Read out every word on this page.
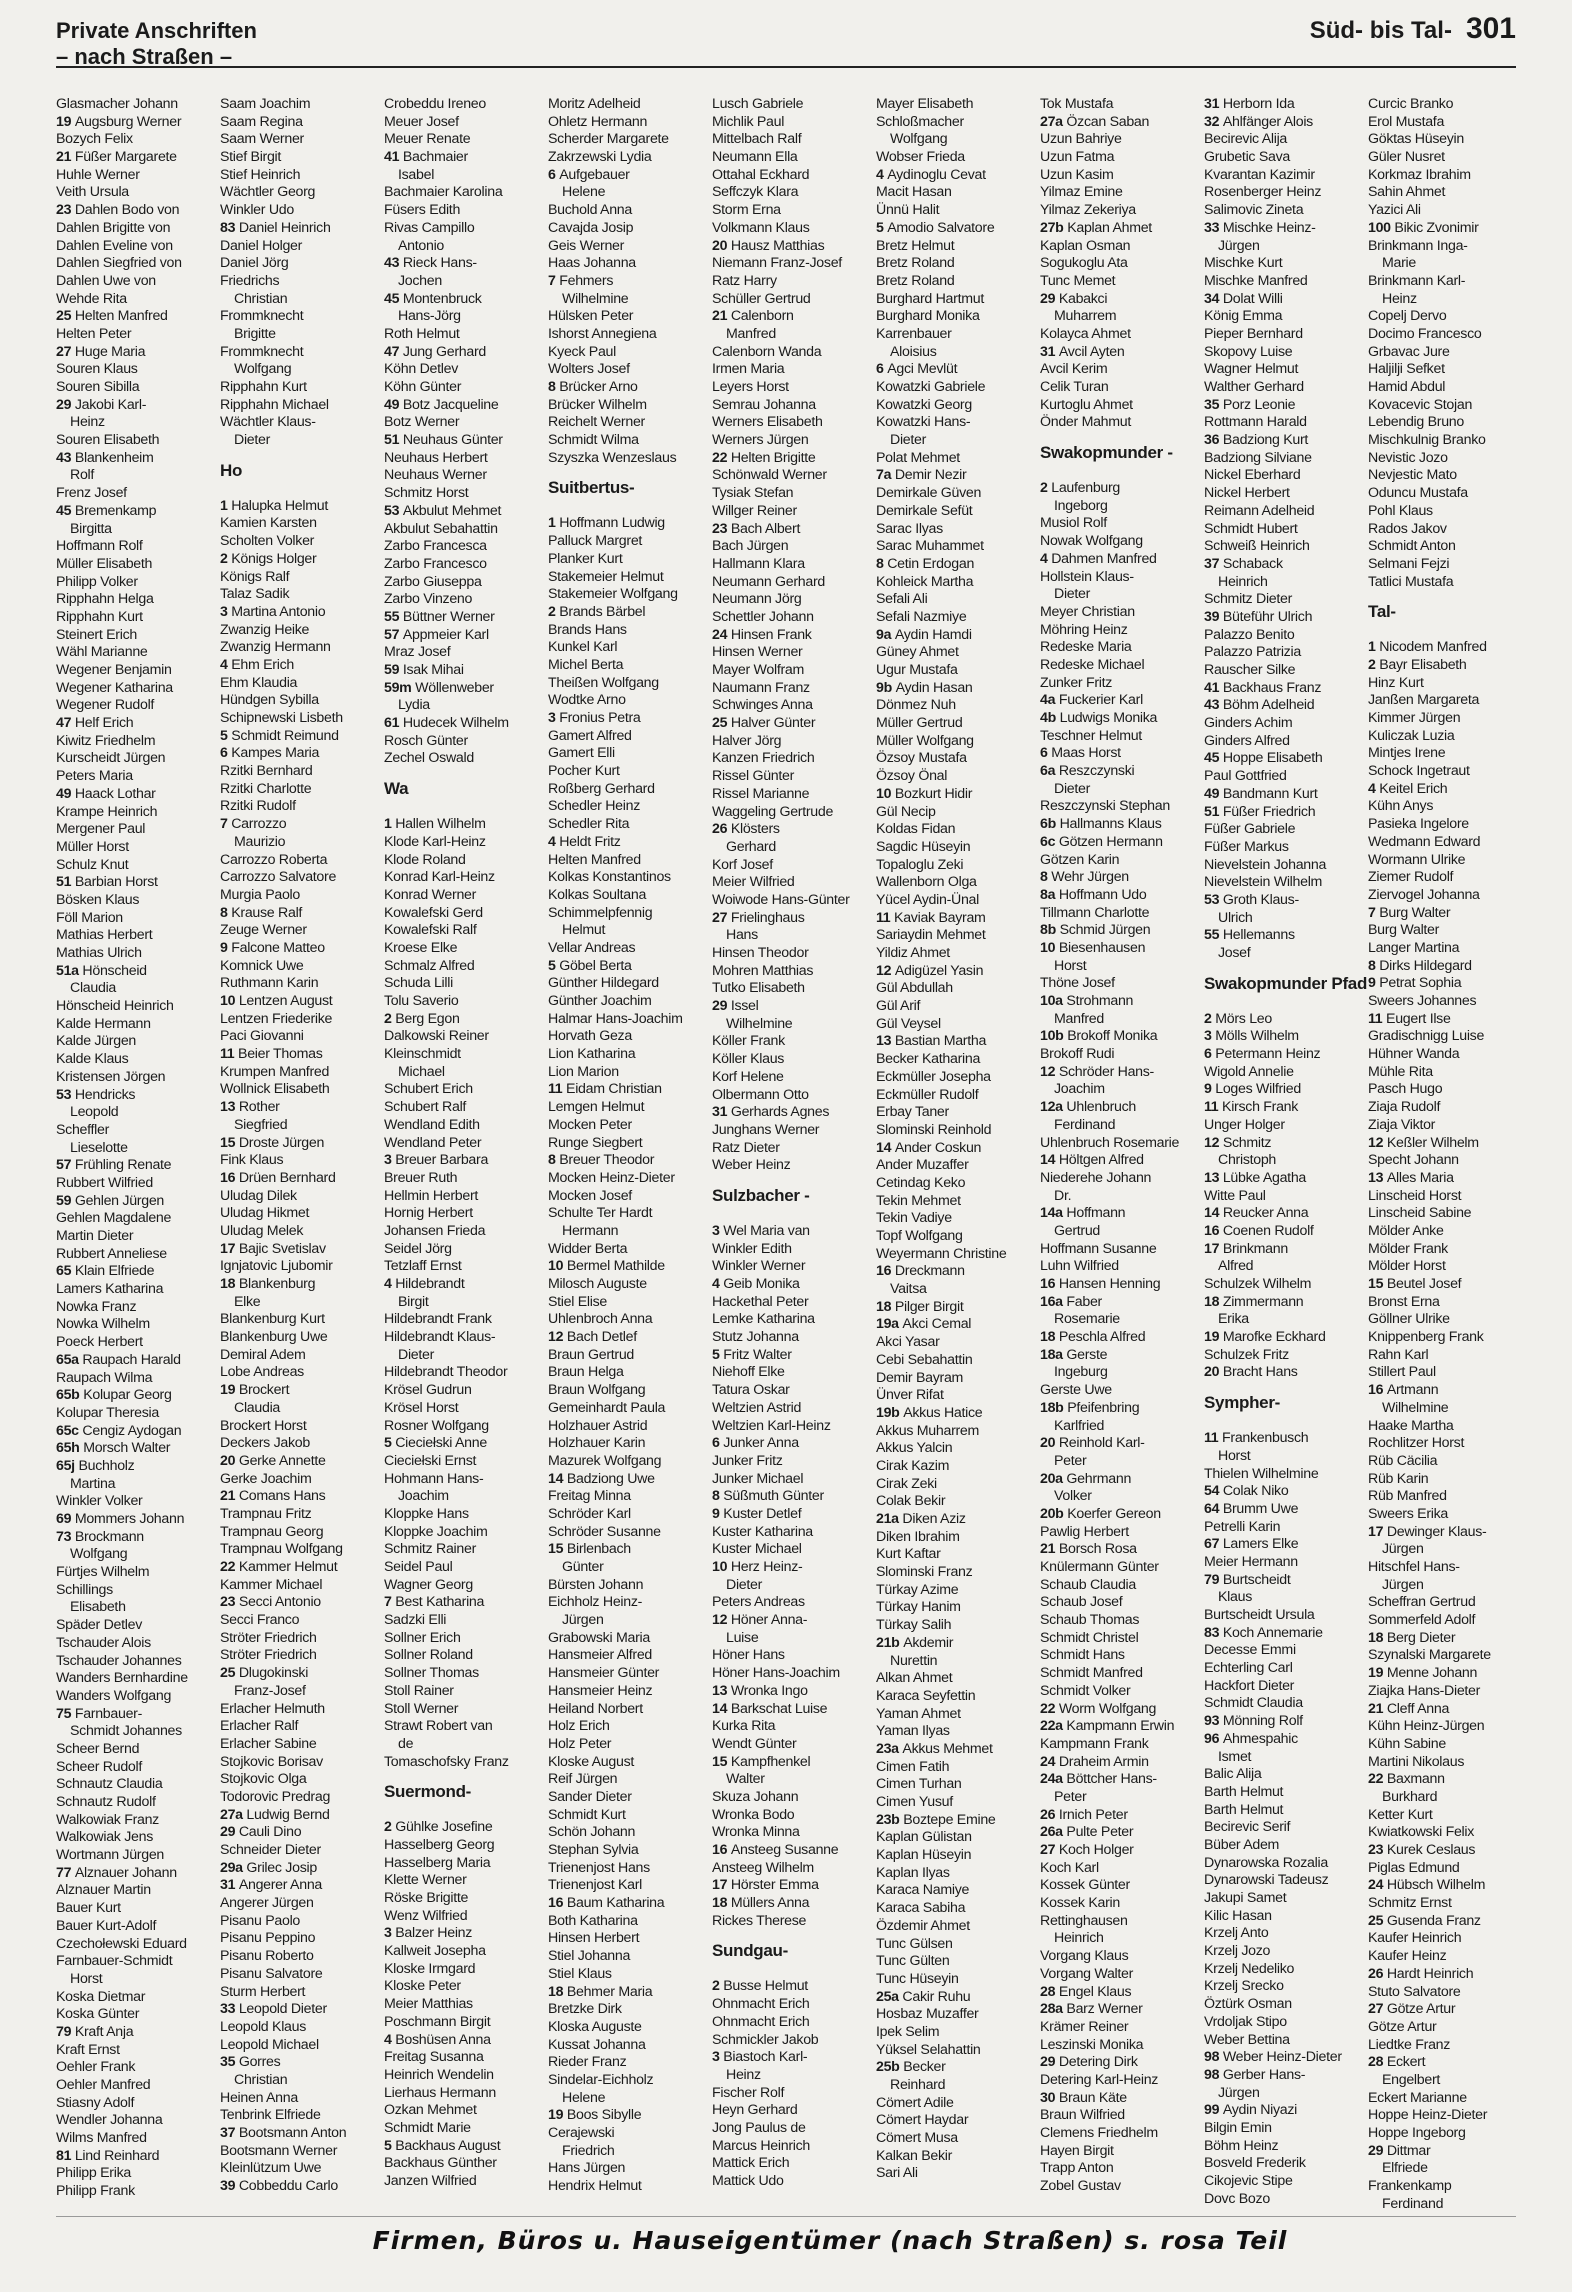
Private Anschriften
– nach Straßen –
Süd- bis Tal- 301
Glasmacher Johann
19 Augsburg Werner
Bozych Felix
21 Füßer Margarete
Huhle Werner
Veith Ursula
23 Dahlen Bodo von
Dahlen Brigitte von
Dahlen Eveline von
Dahlen Siegfried von
Dahlen Uwe von
Wehde Rita
25 Helten Manfred
Helten Peter
27 Huge Maria
Souren Klaus
Souren Sibilla
29 Jakobi Karl-
Heinz
Souren Elisabeth
43 Blankenheim
Rolf
Frenz Josef
45 Bremenkamp
Birgitta
Hoffmann Rolf
Müller Elisabeth
Philipp Volker
Ripphahn Helga
Ripphahn Kurt
Steinert Erich
Wähl Marianne
Wegener Benjamin
Wegener Katharina
Wegener Rudolf
47 Helf Erich
Kiwitz Friedhelm
Kurscheidt Jürgen
Peters Maria
49 Haack Lothar
Krampe Heinrich
Mergener Paul
Müller Horst
Schulz Knut
51 Barbian Horst
Bösken Klaus
Föll Marion
Mathias Herbert
Mathias Ulrich
51a Hönscheid
Claudia
Hönscheid Heinrich
Kalde Hermann
Kalde Jürgen
Kalde Klaus
Kristensen Jörgen
53 Hendricks
Leopold
Scheffler
Lieselotte
57 Frühling Renate
Rubbert Wilfried
59 Gehlen Jürgen
Gehlen Magdalene
Martin Dieter
Rubbert Anneliese
65 Klain Elfriede
Lamers Katharina
Nowka Franz
Nowka Wilhelm
Poeck Herbert
65a Raupach Harald
Raupach Wilma
65b Kolupar Georg
Kolupar Theresia
65c Cengiz Aydogan
65h Morsch Walter
65j Buchholz
Martina
Winkler Volker
69 Mommers Johann
73 Brockmann
Wolfgang
Fürtjes Wilhelm
Schillings
Elisabeth
Späder Detlev
Tschauder Alois
Tschauder Johannes
Wanders Bernhardine
Wanders Wolfgang
75 Farnbauer-
Schmidt Johannes
Scheer Bernd
Scheer Rudolf
Schnautz Claudia
Schnautz Rudolf
Walkowiak Franz
Walkowiak Jens
Wortmann Jürgen
77 Alznauer Johann
Alznauer Martin
Bauer Kurt
Bauer Kurt-Adolf
Czechołewski Eduard
Farnbauer-Schmidt
Horst
Koska Dietmar
Koska Günter
79 Kraft Anja
Kraft Ernst
Oehler Frank
Oehler Manfred
Stiasny Adolf
Wendler Johanna
Wilms Manfred
81 Lind Reinhard
Philipp Erika
Philipp Frank
Saam Joachim
Saam Regina
Saam Werner
Stief Birgit
Stief Heinrich
Wächtler Georg
Winkler Udo
83 Daniel Heinrich
Daniel Holger
Daniel Jörg
Friedrichs
Christian
Frommknecht
Brigitte
Frommknecht
Wolfgang
Ripphahn Kurt
Ripphahn Michael
Wächtler Klaus-
Dieter
Ho
1 Halupka Helmut
Kamien Karsten
Scholten Volker
2 Königs Holger
Königs Ralf
Talaz Sadik
3 Martina Antonio
Zwanzig Heike
Zwanzig Hermann
4 Ehm Erich
Ehm Klaudia
Hündgen Sybilla
Schipnewski Lisbeth
5 Schmidt Reimund
6 Kampes Maria
Rzitki Bernhard
Rzitki Charlotte
Rzitki Rudolf
7 Carrozzo
Maurizio
Carrozzo Roberta
Carrozzo Salvatore
Murgia Paolo
8 Krause Ralf
Zeuge Werner
9 Falcone Matteo
Komnick Uwe
Ruthmann Karin
10 Lentzen August
Lentzen Friederike
Paci Giovanni
11 Beier Thomas
Krumpen Manfred
Wollnick Elisabeth
13 Rother
Siegfried
15 Droste Jürgen
Fink Klaus
16 Drüen Bernhard
Uludag Dilek
Uludag Hikmet
Uludag Melek
17 Bajic Svetislav
Ignjatovic Ljubomir
18 Blankenburg
Elke
Blankenburg Kurt
Blankenburg Uwe
Demiral Adem
Lobe Andreas
19 Brockert
Claudia
Brockert Horst
Deckers Jakob
20 Gerke Annette
Gerke Joachim
21 Comans Hans
Trampnau Fritz
Trampnau Georg
Trampnau Wolfgang
22 Kammer Helmut
Kammer Michael
23 Secci Antonio
Secci Franco
Ströter Friedrich
Ströter Friedrich
25 Dlugokinski
Franz-Josef
Erlacher Helmuth
Erlacher Ralf
Erlacher Sabine
Stojkovic Borisav
Stojkovic Olga
Todorovic Predrag
27a Ludwig Bernd
29 Cauli Dino
Schneider Dieter
29a Grilec Josip
31 Angerer Anna
Angerer Jürgen
Pisanu Paolo
Pisanu Peppino
Pisanu Roberto
Pisanu Salvatore
Sturm Herbert
33 Leopold Dieter
Leopold Klaus
Leopold Michael
35 Gorres
Christian
Heinen Anna
Tenbrink Elfriede
37 Bootsmann Anton
Bootsmann Werner
Kleinlützum Uwe
39 Cobbeddu Carlo
Crobeddu Ireneo
Meuer Josef
Meuer Renate
41 Bachmaier
Isabel
Bachmaier Karolina
Füsers Edith
Rivas Campillo
Antonio
43 Rieck Hans-
Jochen
45 Montenbruck
Hans-Jörg
Roth Helmut
47 Jung Gerhard
Köhn Detlev
Köhn Günter
49 Botz Jacqueline
Botz Werner
51 Neuhaus Günter
Neuhaus Herbert
Neuhaus Werner
Schmitz Horst
53 Akbulut Mehmet
Akbulut Sebahattin
Zarbo Francesca
Zarbo Francesco
Zarbo Giuseppa
Zarbo Vinzeno
55 Büttner Werner
57 Appmeier Karl
Mraz Josef
59 Isak Mihai
59m Wöllenweber
Lydia
61 Hudecek Wilhelm
Rosch Günter
Zechel Oswald
Wa
1 Hallen Wilhelm
Klode Karl-Heinz
Klode Roland
Konrad Karl-Heinz
Konrad Werner
Kowalefski Gerd
Kowalefski Ralf
Kroese Elke
Schmalz Alfred
Schuda Lilli
Tolu Saverio
2 Berg Egon
Dalkowski Reiner
Kleinschmidt
Michael
Schubert Erich
Schubert Ralf
Wendland Edith
Wendland Peter
3 Breuer Barbara
Breuer Ruth
Hellmin Herbert
Hornig Herbert
Johansen Frieda
Seidel Jörg
Tetzlaff Ernst
4 Hildebrandt
Birgit
Hildebrandt Frank
Hildebrandt Klaus-
Dieter
Hildebrandt Theodor
Krösel Gudrun
Krösel Horst
Rosner Wolfgang
5 Cieciełski Anne
Cieciełski Ernst
Hohmann Hans-
Joachim
Kloppke Hans
Kloppke Joachim
Schmitz Rainer
Seidel Paul
Wagner Georg
7 Best Katharina
Sadzki Elli
Sollner Erich
Sollner Roland
Sollner Thomas
Stoll Rainer
Stoll Werner
Strawt Robert van
de
Tomaschofsky Franz
Suermond-
2 Gühlke Josefine
Hasselberg Georg
Hasselberg Maria
Klette Werner
Röske Brigitte
Wenz Wilfried
3 Balzer Heinz
Kallweit Josepha
Kloske Irmgard
Kloske Peter
Meier Matthias
Poschmann Birgit
4 Boshüsen Anna
Freitag Susanna
Heinrich Wendelin
Lierhaus Hermann
Ozkan Mehmet
Schmidt Marie
5 Backhaus August
Backhaus Günther
Janzen Wilfried
Moritz Adelheid
Ohletz Hermann
Scherder Margarete
Zakrzewski Lydia
6 Aufgebauer
Helene
Buchold Anna
Cavajda Josip
Geis Werner
Haas Johanna
7 Fehmers
Wilhelmine
Hülsken Peter
Ishorst Annegiena
Kyeck Paul
Wolters Josef
8 Brücker Arno
Brücker Wilhelm
Reichelt Werner
Schmidt Wilma
Szyszka Wenzeslaus
Suitbertus-
1 Hoffmann Ludwig
Palluck Margret
Planker Kurt
Stakemeier Helmut
Stakemeier Wolfgang
2 Brands Bärbel
Brands Hans
Kunkel Karl
Michel Berta
Theißen Wolfgang
Wodtke Arno
3 Fronius Petra
Gamert Alfred
Gamert Elli
Pocher Kurt
Roßberg Gerhard
Schedler Heinz
Schedler Rita
4 Heldt Fritz
Helten Manfred
Kolkas Konstantinos
Kolkas Soultana
Schimmelpfennig
Helmut
Vellar Andreas
5 Göbel Berta
Günther Hildegard
Günther Joachim
Halmar Hans-Joachim
Horvath Geza
Lion Katharina
Lion Marion
11 Eidam Christian
Lemgen Helmut
Mocken Peter
Runge Siegbert
8 Breuer Theodor
Mocken Heinz-Dieter
Mocken Josef
Schulte Ter Hardt
Hermann
Widder Berta
10 Bermel Mathilde
Milosch Auguste
Stiel Elise
Uhlenbroch Anna
12 Bach Detlef
Braun Gertrud
Braun Helga
Braun Wolfgang
Gemeinhardt Paula
Holzhauer Astrid
Holzhauer Karin
Mazurek Wolfgang
14 Badziong Uwe
Freitag Minna
Schröder Karl
Schröder Susanne
15 Birlenbach
Günter
Bürsten Johann
Eichholz Heinz-
Jürgen
Grabowski Maria
Hansmeier Alfred
Hansmeier Günter
Hansmeier Heinz
Heiland Norbert
Holz Erich
Holz Peter
Kloske August
Reif Jürgen
Sander Dieter
Schmidt Kurt
Schön Johann
Stephan Sylvia
Trienenjost Hans
Trienenjost Karl
16 Baum Katharina
Both Katharina
Hinsen Herbert
Stiel Johanna
Stiel Klaus
18 Behmer Maria
Bretzke Dirk
Kloska Auguste
Kussat Johanna
Rieder Franz
Sindelar-Eichholz
Helene
19 Boos Sibylle
Cerajewski
Friedrich
Hans Jürgen
Hendrix Helmut
Lusch Gabriele
Michlik Paul
Mittelbach Ralf
Neumann Ella
Ottahal Eckhard
Seffczyk Klara
Storm Erna
Volkmann Klaus
20 Hausz Matthias
Niemann Franz-Josef
Ratz Harry
Schüller Gertrud
21 Calenborn
Manfred
Calenborn Wanda
Irmen Maria
Leyers Horst
Semrau Johanna
Werners Elisabeth
Werners Jürgen
22 Helten Brigitte
Schönwald Werner
Tysiak Stefan
Willger Reiner
23 Bach Albert
Bach Jürgen
Hallmann Klara
Neumann Gerhard
Neumann Jörg
Schettler Johann
24 Hinsen Frank
Hinsen Werner
Mayer Wolfram
Naumann Franz
Schwinges Anna
25 Halver Günter
Halver Jörg
Kanzen Friedrich
Rissel Günter
Rissel Marianne
Waggeling Gertrude
26 Klösters
Gerhard
Korf Josef
Meier Wilfried
Woiwode Hans-Günter
27 Frielinghaus
Hans
Hinsen Theodor
Mohren Matthias
Tutko Elisabeth
29 Issel
Wilhelmine
Köller Frank
Köller Klaus
Korf Helene
Olbermann Otto
31 Gerhards Agnes
Junghans Werner
Ratz Dieter
Weber Heinz
Sulzbacher -
3 Wel Maria van
Winkler Edith
Winkler Werner
4 Geib Monika
Hackethal Peter
Lemke Katharina
Stutz Johanna
5 Fritz Walter
Niehoff Elke
Tatura Oskar
Weltzien Astrid
Weltzien Karl-Heinz
6 Junker Anna
Junker Fritz
Junker Michael
8 Süßmuth Günter
9 Kuster Detlef
Kuster Katharina
Kuster Michael
10 Herz Heinz-
Dieter
Peters Andreas
12 Höner Anna-
Luise
Höner Hans
Höner Hans-Joachim
13 Wronka Ingo
14 Barkschat Luise
Kurka Rita
Wendt Günter
15 Kampfhenkel
Walter
Skuza Johann
Wronka Bodo
Wronka Minna
16 Ansteeg Susanne
Ansteeg Wilhelm
17 Hörster Emma
18 Müllers Anna
Rickes Therese
Sundgau-
2 Busse Helmut
Ohnmacht Erich
Ohnmacht Erich
Schmickler Jakob
3 Biastoch Karl-
Heinz
Fischer Rolf
Heyn Gerhard
Jong Paulus de
Marcus Heinrich
Mattick Erich
Mattick Udo
Mayer Elisabeth
Schloßmacher
Wolfgang
Wobser Frieda
4 Aydinoglu Cevat
Macit Hasan
Ünnü Halit
5 Amodio Salvatore
Bretz Helmut
Bretz Roland
Bretz Roland
Burghard Hartmut
Burghard Monika
Karrenbauer
Aloisius
6 Agci Mevlüt
Kowatzki Gabriele
Kowatzki Georg
Kowatzki Hans-
Dieter
Polat Mehmet
7a Demir Nezir
Demirkale Güven
Demirkale Sefüt
Sarac Ilyas
Sarac Muhammet
8 Cetin Erdogan
Kohleick Martha
Sefali Ali
Sefali Nazmiye
9a Aydin Hamdi
Güney Ahmet
Ugur Mustafa
9b Aydin Hasan
Dönmez Nuh
Müller Gertrud
Müller Wolfgang
Özsoy Mustafa
Özsoy Önal
10 Bozkurt Hidir
Gül Necip
Koldas Fidan
Sagdic Hüseyin
Topaloglu Zeki
Wallenborn Olga
Yücel Aydin-Ünal
11 Kaviak Bayram
Sariaydin Mehmet
Yildiz Ahmet
12 Adigüzel Yasin
Gül Abdullah
Gül Arif
Gül Veysel
13 Bastian Martha
Becker Katharina
Eckmüller Josepha
Eckmüller Rudolf
Erbay Taner
Slominski Reinhold
14 Ander Coskun
Ander Muzaffer
Cetindag Keko
Tekin Mehmet
Tekin Vadiye
Topf Wolfgang
Weyermann Christine
16 Dreckmann
Vaitsa
18 Pilger Birgit
19a Akci Cemal
Akci Yasar
Cebi Sebahattin
Demir Bayram
Ünver Rifat
19b Akkus Hatice
Akkus Muharrem
Akkus Yalcin
Cirak Kazim
Cirak Zeki
Colak Bekir
21a Diken Aziz
Diken Ibrahim
Kurt Kaftar
Slominski Franz
Türkay Azime
Türkay Hanim
Türkay Salih
21b Akdemir
Nurettin
Alkan Ahmet
Karaca Seyfettin
Yaman Ahmet
Yaman Ilyas
23a Akkus Mehmet
Cimen Fatih
Cimen Turhan
Cimen Yusuf
23b Boztepe Emine
Kaplan Gülistan
Kaplan Hüseyin
Kaplan Ilyas
Karaca Namiye
Karaca Sabiha
Özdemir Ahmet
Tunc Gülsen
Tunc Gülten
Tunc Hüseyin
25a Cakir Ruhu
Hosbaz Muzaffer
Ipek Selim
Yüksel Selahattin
25b Becker
Reinhard
Cömert Adile
Cömert Haydar
Cömert Musa
Kalkan Bekir
Sari Ali
Tok Mustafa
27a Özcan Saban
Uzun Bahriye
Uzun Fatma
Uzun Kasim
Yilmaz Emine
Yilmaz Zekeriya
27b Kaplan Ahmet
Kaplan Osman
Sogukoglu Ata
Tunc Memet
29 Kabakci
Muharrem
Kolayca Ahmet
31 Avcil Ayten
Avcil Kerim
Celik Turan
Kurtoglu Ahmet
Önder Mahmut
Swakopmunder -
2 Laufenburg
Ingeborg
Musiol Rolf
Nowak Wolfgang
4 Dahmen Manfred
Hollstein Klaus-
Dieter
Meyer Christian
Möhring Heinz
Redeske Maria
Redeske Michael
Zunker Fritz
4a Fuckerier Karl
4b Ludwigs Monika
Teschner Helmut
6 Maas Horst
6a Reszczynski
Dieter
Reszczynski Stephan
6b Hallmanns Klaus
6c Götzen Hermann
Götzen Karin
8 Wehr Jürgen
8a Hoffmann Udo
Tillmann Charlotte
8b Schmid Jürgen
10 Biesenhausen
Horst
Thöne Josef
10a Strohmann
Manfred
10b Brokoff Monika
Brokoff Rudi
12 Schröder Hans-
Joachim
12a Uhlenbruch
Ferdinand
Uhlenbruch Rosemarie
14 Höltgen Alfred
Niederehe Johann
Dr.
14a Hoffmann
Gertrud
Hoffmann Susanne
Luhn Wilfried
16 Hansen Henning
16a Faber
Rosemarie
18 Peschla Alfred
18a Gerste
Ingeburg
Gerste Uwe
18b Pfeifenbring
Karlfried
20 Reinhold Karl-
Peter
20a Gehrmann
Volker
20b Koerfer Gereon
Pawlig Herbert
21 Borsch Rosa
Knülermann Günter
Schaub Claudia
Schaub Josef
Schaub Thomas
Schmidt Christel
Schmidt Hans
Schmidt Manfred
Schmidt Volker
22 Worm Wolfgang
22a Kampmann Erwin
Kampmann Frank
24 Draheim Armin
24a Böttcher Hans-
Peter
26 Irnich Peter
26a Pulte Peter
27 Koch Holger
Koch Karl
Kossek Günter
Kossek Karin
Rettinghausen
Heinrich
Vorgang Klaus
Vorgang Walter
28 Engel Klaus
28a Barz Werner
Krämer Reiner
Leszinski Monika
29 Detering Dirk
Detering Karl-Heinz
30 Braun Käte
Braun Wilfried
Clemens Friedhelm
Hayen Birgit
Trapp Anton
Zobel Gustav
31 Herborn Ida
32 Ahlfänger Alois
Becirevic Alija
Grubetic Sava
Kvarantan Kazimir
Rosenberger Heinz
Salimovic Zineta
33 Mischke Heinz-
Jürgen
Mischke Kurt
Mischke Manfred
34 Dolat Willi
König Emma
Pieper Bernhard
Skopovy Luise
Wagner Helmut
Walther Gerhard
35 Porz Leonie
Rottmann Harald
36 Badziong Kurt
Badziong Silviane
Nickel Eberhard
Nickel Herbert
Reimann Adelheid
Schmidt Hubert
Schweiß Heinrich
37 Schaback
Heinrich
Schmitz Dieter
39 Büteführ Ulrich
Palazzo Benito
Palazzo Patrizia
Rauscher Silke
41 Backhaus Franz
43 Böhm Adelheid
Ginders Achim
Ginders Alfred
45 Hoppe Elisabeth
Paul Gottfried
49 Bandmann Kurt
51 Füßer Friedrich
Füßer Gabriele
Füßer Markus
Nievelstein Johanna
Nievelstein Wilhelm
53 Groth Klaus-
Ulrich
55 Hellemanns
Josef
Swakopmunder Pfad
2 Mörs Leo
3 Mölls Wilhelm
6 Petermann Heinz
Wigold Annelie
9 Loges Wilfried
11 Kirsch Frank
Unger Holger
12 Schmitz
Christoph
13 Lübke Agatha
Witte Paul
14 Reucker Anna
16 Coenen Rudolf
17 Brinkmann
Alfred
Schulzek Wilhelm
18 Zimmermann
Erika
19 Marofke Eckhard
Schulzek Fritz
20 Bracht Hans
Sympher-
11 Frankenbusch
Horst
Thielen Wilhelmine
54 Colak Niko
64 Brumm Uwe
Petrelli Karin
67 Lamers Elke
Meier Hermann
79 Burtscheidt
Klaus
Burtscheidt Ursula
83 Koch Annemarie
Decesse Emmi
Echterling Carl
Hackfort Dieter
Schmidt Claudia
93 Mönning Rolf
96 Ahmespahic
Ismet
Balic Alija
Barth Helmut
Barth Helmut
Becirevic Serif
Büber Adem
Dynarowska Rozalia
Dynarowski Tadeusz
Jakupi Samet
Kilic Hasan
Krzelj Anto
Krzelj Jozo
Krzelj Nedeliko
Krzelj Srecko
Öztürk Osman
Vrdoljak Stipo
Weber Bettina
98 Weber Heinz-Dieter
98 Gerber Hans-
Jürgen
99 Aydin Niyazi
Bilgin Emin
Böhm Heinz
Bosveld Frederik
Cikojevic Stipe
Dovc Bozo
Curcic Branko
Erol Mustafa
Göktas Hüseyin
Güler Nusret
Korkmaz Ibrahim
Sahin Ahmet
Yazici Ali
100 Bikic Zvonimir
Brinkmann Inga-
Marie
Brinkmann Karl-
Heinz
Copelj Dervo
Docimo Francesco
Grbavac Jure
Haljilji Sefket
Hamid Abdul
Kovacevic Stojan
Lebendig Bruno
Mischkulnig Branko
Nevistic Jozo
Nevjestic Mato
Oduncu Mustafa
Pohl Klaus
Rados Jakov
Schmidt Anton
Selmani Fejzi
Tatlici Mustafa
Tal-
1 Nicodem Manfred
2 Bayr Elisabeth
Hinz Kurt
Janßen Margareta
Kimmer Jürgen
Kuliczak Luzia
Mintjes Irene
Schock Ingetraut
4 Keitel Erich
Kühn Anys
Pasieka Ingelore
Wedmann Edward
Wormann Ulrike
Ziemer Rudolf
Ziervogel Johanna
7 Burg Walter
Burg Walter
Langer Martina
8 Dirks Hildegard
9 Petrat Sophia
Sweers Johannes
11 Eugert Ilse
Gradischnigg Luise
Hühner Wanda
Mühle Rita
Pasch Hugo
Ziaja Rudolf
Ziaja Viktor
12 Keßler Wilhelm
Specht Johann
13 Alles Maria
Linscheid Horst
Linscheid Sabine
Mölder Anke
Mölder Frank
Mölder Horst
15 Beutel Josef
Bronst Erna
Göllner Ulrike
Knippenberg Frank
Rahn Karl
Stillert Paul
16 Artmann
Wilhelmine
Haake Martha
Rochlitzer Horst
Rüb Cäcilia
Rüb Karin
Rüb Manfred
Sweers Erika
17 Dewinger Klaus-
Jürgen
Hitschfel Hans-
Jürgen
Scheffran Gertrud
Sommerfeld Adolf
18 Berg Dieter
Szynalski Margarete
19 Menne Johann
Ziajka Hans-Dieter
21 Cleff Anna
Kühn Heinz-Jürgen
Kühn Sabine
Martini Nikolaus
22 Baxmann
Burkhard
Ketter Kurt
Kwiatkowski Felix
23 Kurek Ceslaus
Piglas Edmund
24 Hübsch Wilhelm
Schmitz Ernst
25 Gusenda Franz
Kaufer Heinrich
Kaufer Heinz
26 Hardt Heinrich
Stuto Salvatore
27 Götze Artur
Götze Artur
Liedtke Franz
28 Eckert
Engelbert
Eckert Marianne
Hoppe Heinz-Dieter
Hoppe Ingeborg
29 Dittmar
Elfriede
Frankenkamp
Ferdinand
Firmen, Büros u. Hauseigentümer (nach Straßen) s. rosa Teil
